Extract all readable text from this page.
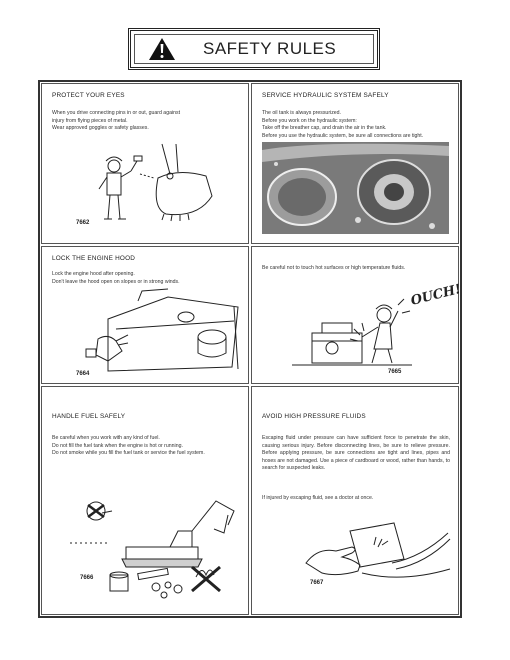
SAFETY RULES
PROTECT YOUR EYES

When you drive connecting pins in or out, guard against
injury from flying pieces of metal.
Wear approved goggles or safety glasses.

7662
SERVICE HYDRAULIC SYSTEM SAFELY

The oil tank is always pressurized.
Before you work on the hydraulic system:
Take off the breather cap, and drain the air in the tank.
Before you use the hydraulic system, be sure all connections are tight.

LOCK THE ENGINE HOOD

Lock the engine hood after opening.
Don't leave the hood open on slopes or in strong winds.

7664

Be careful not to touch hot surfaces or high temperature fluids.

OUCH!
7665
HANDLE FUEL SAFELY

Be careful when you work with any kind of fuel.
Do not fill the fuel tank when the engine is hot or running.
Do not smoke while you fill the fuel tank or service the fuel system.

7666
AVOID HIGH PRESSURE FLUIDS

Escaping fluid under pressure can have sufficient force to penetrate the skin, causing serious injury. Before disconnecting lines, be sure to relieve pressure. Before applying pressure, be sure connections are tight and lines, pipes and hoses are not damaged. Use a piece of cardboard or wood, rather than hands, to search for suspected leaks.

If injured by escaping fluid, see a doctor at once.

7667
